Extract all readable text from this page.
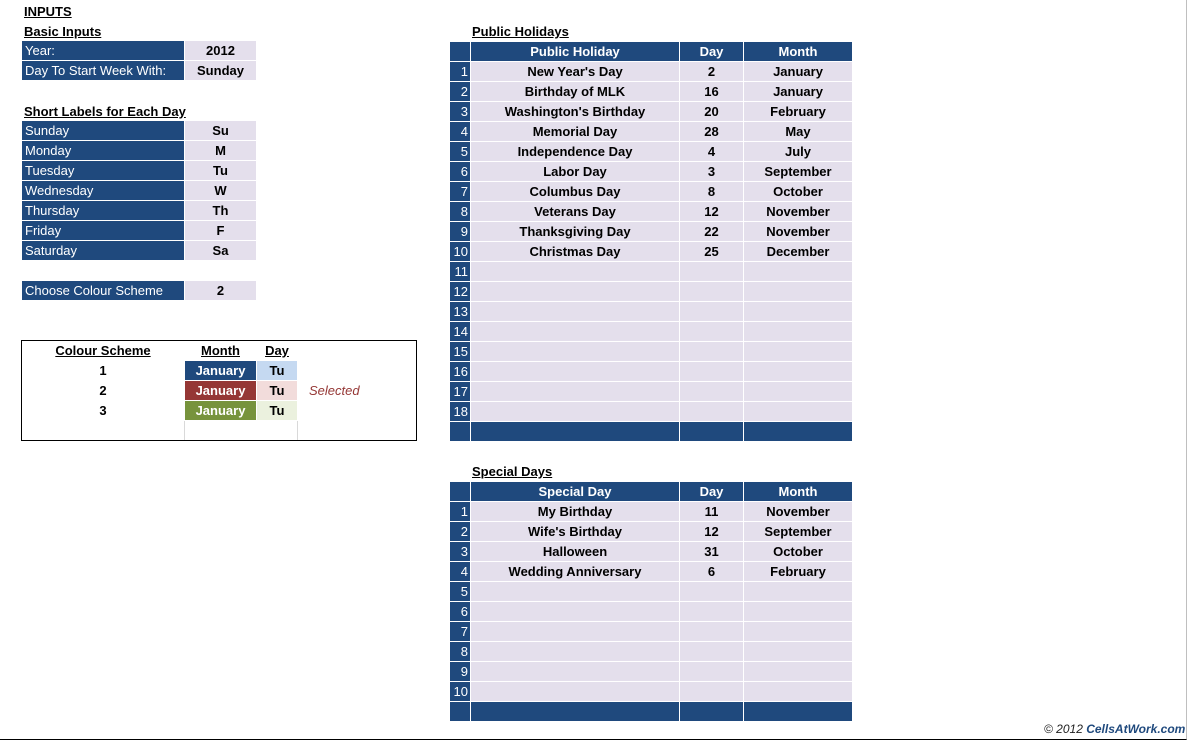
INPUTS
Basic Inputs
Year:	2012
Day To Start Week With:	Sunday
Short Labels for Each Day
Sunday	Su
Monday	M
Tuesday	Tu
Wednesday	W
Thursday	Th
Friday	F
Saturday	Sa
Choose Colour Scheme	2
Colour Scheme	Month	Day
1	January	Tu
2	January	Tu	Selected
3	January	Tu
Public Holidays
	Public Holiday	Day	Month
1	New Year's Day	2	January
2	Birthday of MLK	16	January
3	Washington's Birthday	20	February
4	Memorial Day	28	May
5	Independence Day	4	July
6	Labor Day	3	September
7	Columbus Day	8	October
8	Veterans Day	12	November
9	Thanksgiving Day	22	November
10	Christmas Day	25	December
11			
12			
13			
14			
15			
16			
17			
18			

Special Days
	Special Day	Day	Month
1	My Birthday	11	November
2	Wife's Birthday	12	September
3	Halloween	31	October
4	Wedding Anniversary	6	February
5			
6			
7			
8			
9			
10			

© 2012 CellsAtWork.com
